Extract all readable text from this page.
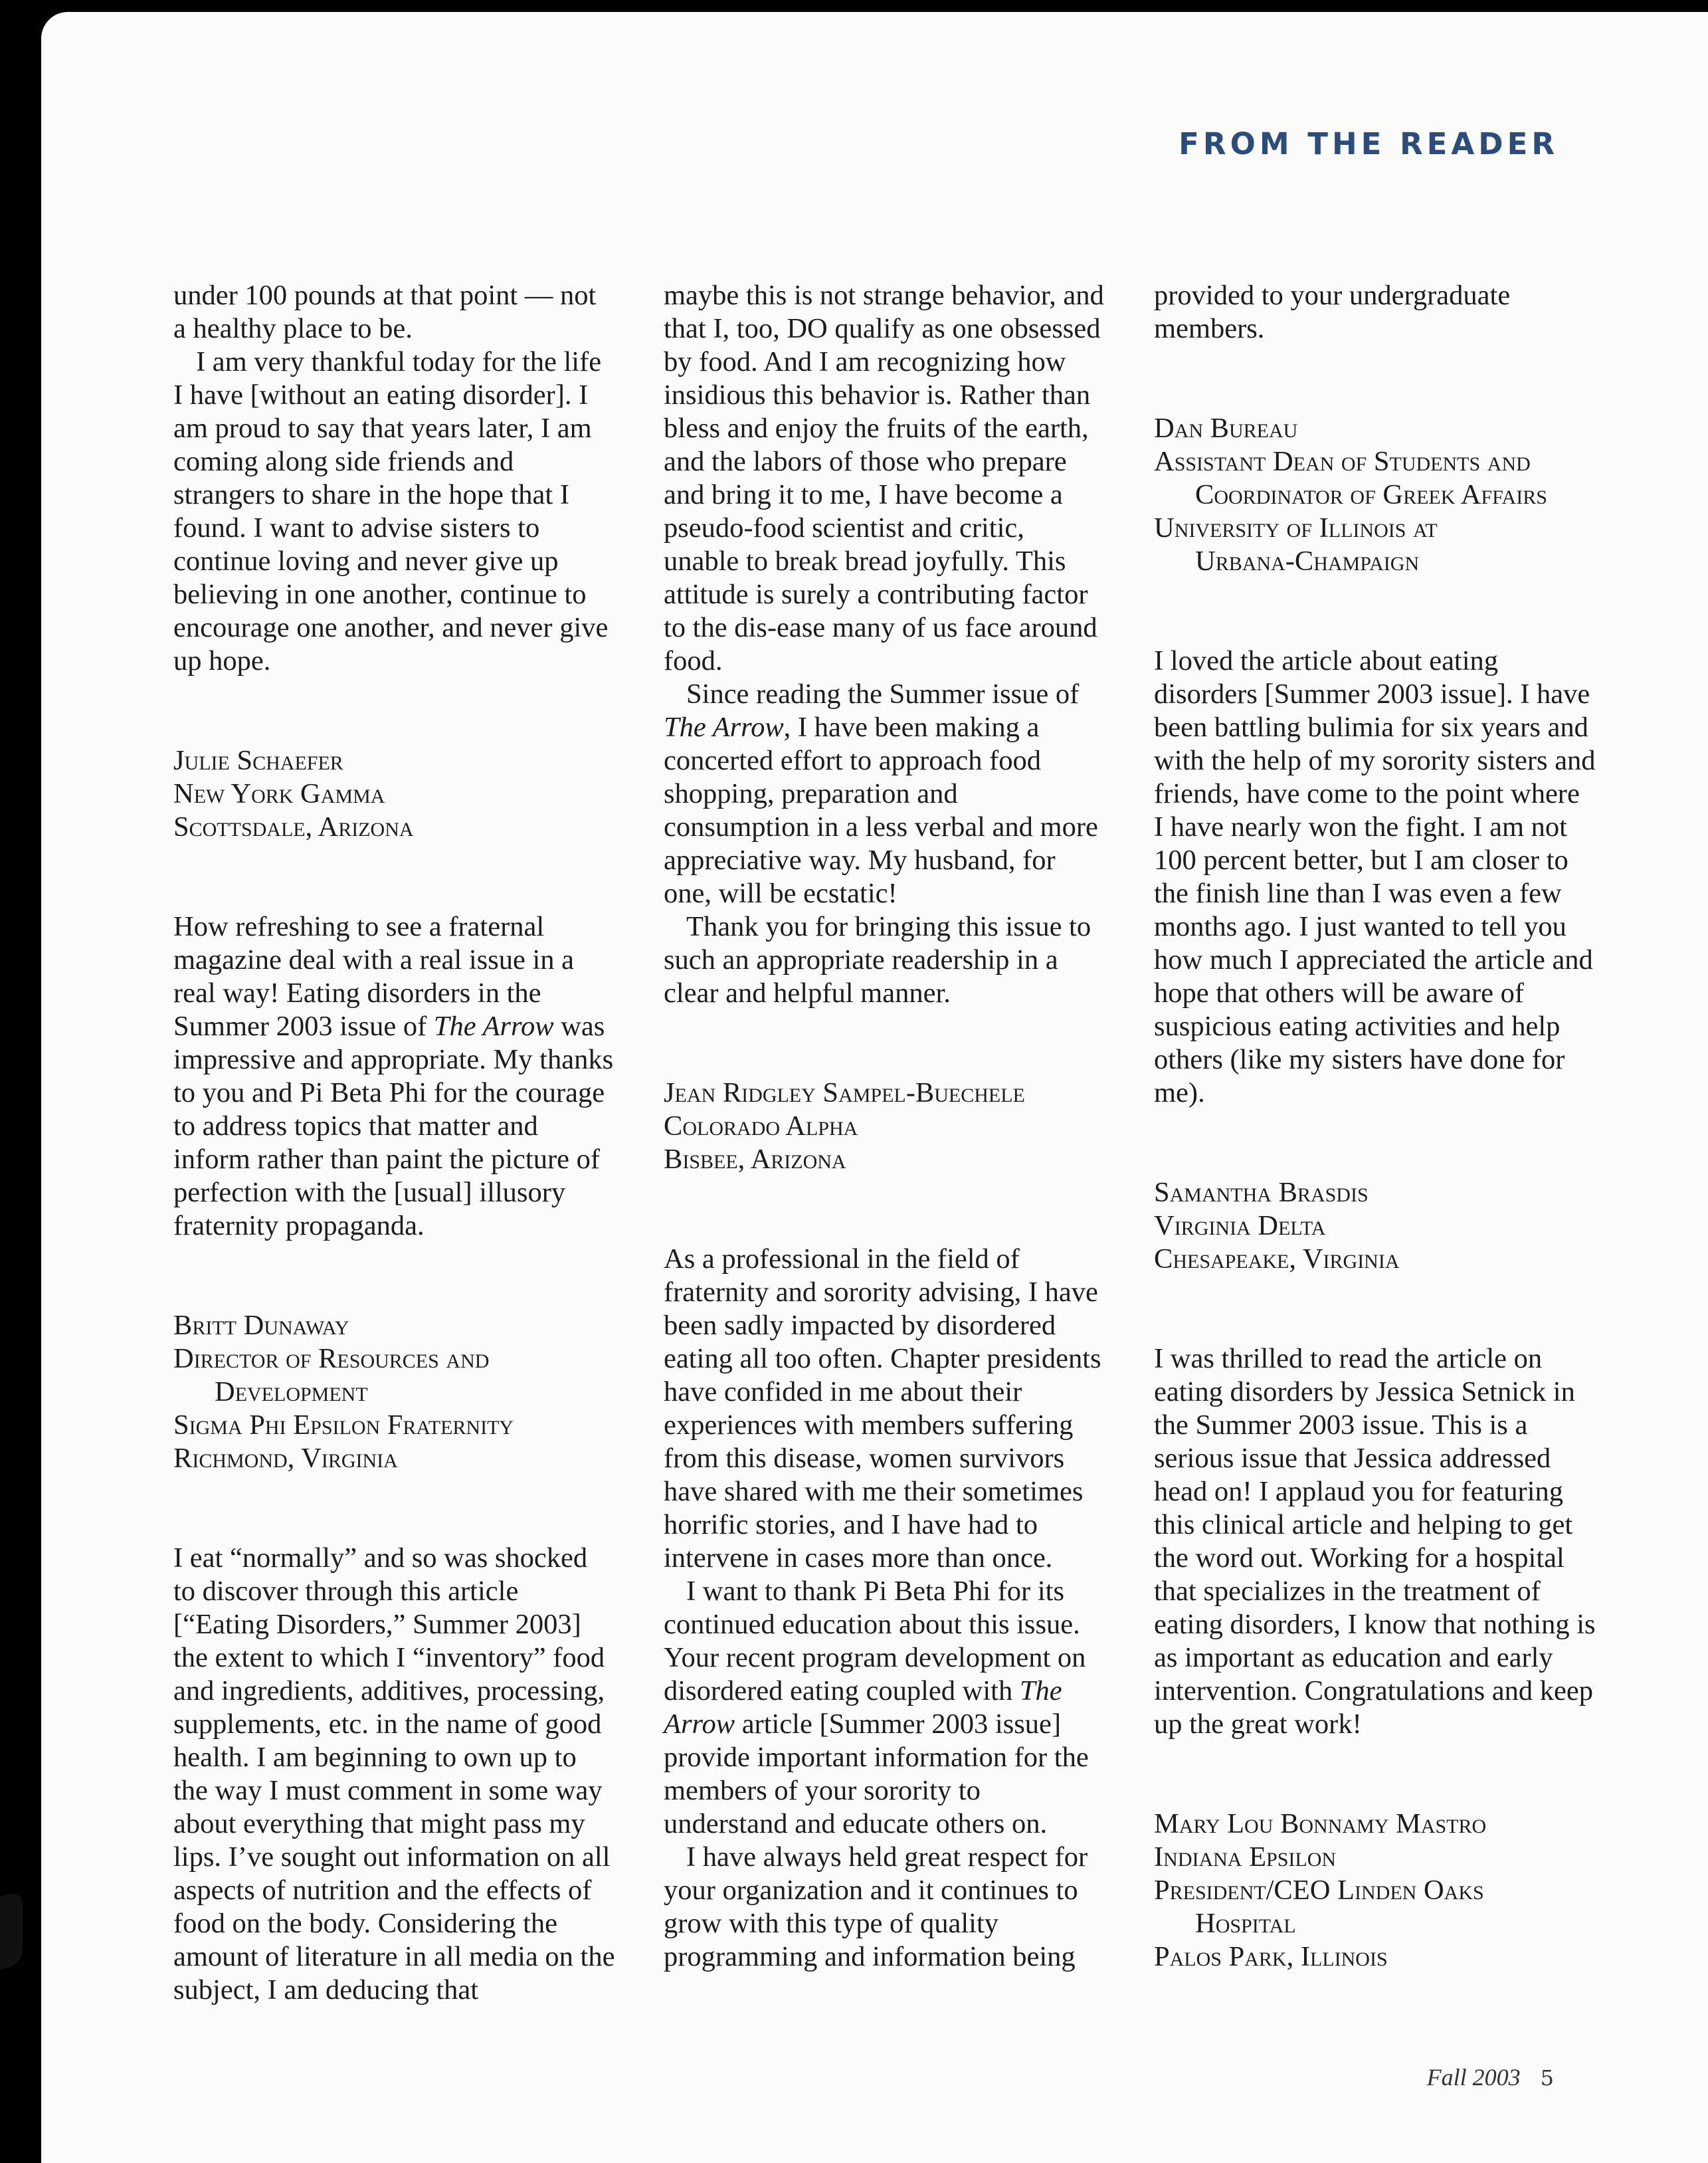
FROM THE READER

under 100 pounds at that point — not a healthy place to be.

I am very thankful today for the life I have [without an eating disorder]. I am proud to say that years later, I am coming along side friends and strangers to share in the hope that I found. I want to advise sisters to continue loving and never give up believing in one another, continue to encourage one another, and never give up hope.

Julie Schaefer
New York Gamma
Scottsdale, Arizona

How refreshing to see a fraternal magazine deal with a real issue in a real way! Eating disorders in the Summer 2003 issue of The Arrow was impressive and appropriate. My thanks to you and Pi Beta Phi for the courage to address topics that matter and inform rather than paint the picture of perfection with the [usual] illusory fraternity propaganda.

Britt Dunaway
Director of Resources and
Development
Sigma Phi Epsilon Fraternity
Richmond, Virginia

I eat “normally” and so was shocked to discover through this article [“Eating Disorders,” Summer 2003] the extent to which I “inventory” food and ingredients, additives, processing, supplements, etc. in the name of good health. I am beginning to own up to the way I must comment in some way about everything that might pass my lips. I’ve sought out information on all aspects of nutrition and the effects of food on the body. Considering the amount of literature in all media on the subject, I am deducing that

maybe this is not strange behavior, and that I, too, DO qualify as one obsessed by food. And I am recognizing how insidious this behavior is. Rather than bless and enjoy the fruits of the earth, and the labors of those who prepare and bring it to me, I have become a pseudo-food scientist and critic, unable to break bread joyfully. This attitude is surely a contributing factor to the dis-ease many of us face around food.

Since reading the Summer issue of The Arrow, I have been making a concerted effort to approach food shopping, preparation and consumption in a less verbal and more appreciative way. My husband, for one, will be ecstatic!

Thank you for bringing this issue to such an appropriate readership in a clear and helpful manner.

Jean Ridgley Sampel-Buechele
Colorado Alpha
Bisbee, Arizona

As a professional in the field of fraternity and sorority advising, I have been sadly impacted by disordered eating all too often. Chapter presidents have confided in me about their experiences with members suffering from this disease, women survivors have shared with me their sometimes horrific stories, and I have had to intervene in cases more than once.

I want to thank Pi Beta Phi for its continued education about this issue. Your recent program development on disordered eating coupled with The Arrow article [Summer 2003 issue] provide important information for the members of your sorority to understand and educate others on.

I have always held great respect for your organization and it continues to grow with this type of quality programming and information being

provided to your undergraduate members.

Dan Bureau
Assistant Dean of Students and
Coordinator of Greek Affairs
University of Illinois at
Urbana-Champaign

I loved the article about eating disorders [Summer 2003 issue]. I have been battling bulimia for six years and with the help of my sorority sisters and friends, have come to the point where I have nearly won the fight. I am not 100 percent better, but I am closer to the finish line than I was even a few months ago. I just wanted to tell you how much I appreciated the article and hope that others will be aware of suspicious eating activities and help others (like my sisters have done for me).

Samantha Brasdis
Virginia Delta
Chesapeake, Virginia

I was thrilled to read the article on eating disorders by Jessica Setnick in the Summer 2003 issue. This is a serious issue that Jessica addressed head on! I applaud you for featuring this clinical article and helping to get the word out. Working for a hospital that specializes in the treatment of eating disorders, I know that nothing is as important as education and early intervention. Congratulations and keep up the great work!

Mary Lou Bonnamy Mastro
Indiana Epsilon
President/CEO Linden Oaks
Hospital
Palos Park, Illinois

Fall 2003 5
